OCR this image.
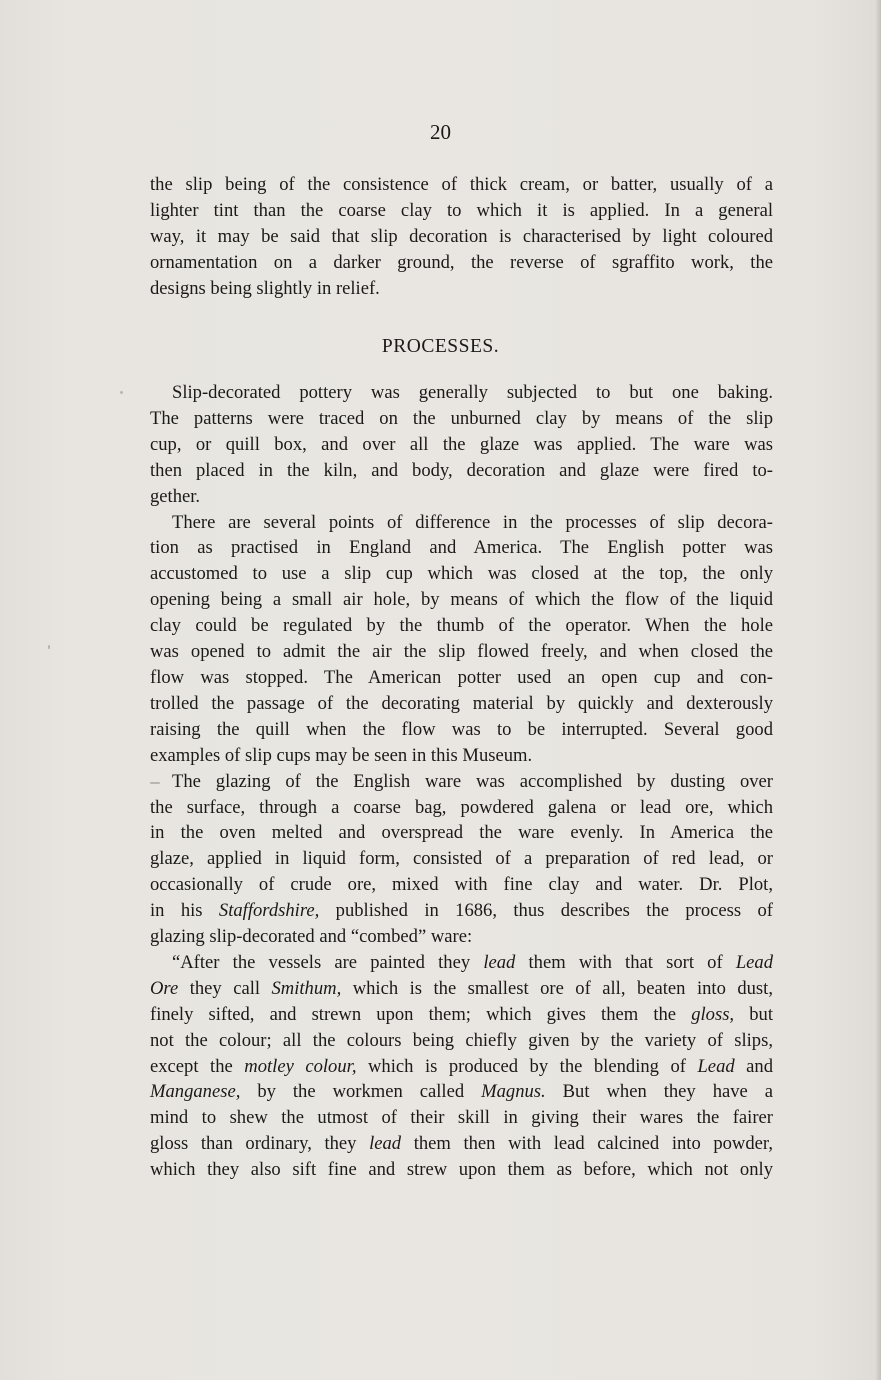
20

the slip being of the consistence of thick cream, or batter, usually of a

lighter tint than the coarse clay to which it is applied. In a general

way, it may be said that slip decoration is characterised by light coloured

ornamentation on a darker ground, the reverse of sgraffito work, the

designs being slightly in relief.

PROCESSES.

Slip-decorated pottery was generally subjected to but one baking.

The patterns were traced on the unburned clay by means of the slip

cup, or quill box, and over all the glaze was applied. The ware was

then placed in the kiln, and body, decoration and glaze were fired to-

gether.

There are several points of difference in the processes of slip decora-

tion as practised in England and America. The English potter was

accustomed to use a slip cup which was closed at the top, the only

opening being a small air hole, by means of which the flow of the liquid

clay could be regulated by the thumb of the operator. When the hole

was opened to admit the air the slip flowed freely, and when closed the

flow was stopped. The American potter used an open cup and con-

trolled the passage of the decorating material by quickly and dexterously

raising the quill when the flow was to be interrupted. Several good

examples of slip cups may be seen in this Museum.

The glazing of the English ware was accomplished by dusting over

the surface, through a coarse bag, powdered galena or lead ore, which

in the oven melted and overspread the ware evenly. In America the

glaze, applied in liquid form, consisted of a preparation of red lead, or

occasionally of crude ore, mixed with fine clay and water. Dr. Plot,

in his Staffordshire, published in 1686, thus describes the process of

glazing slip-decorated and “combed” ware:

“After the vessels are painted they lead them with that sort of Lead

Ore they call Smithum, which is the smallest ore of all, beaten into dust,

finely sifted, and strewn upon them; which gives them the gloss, but

not the colour; all the colours being chiefly given by the variety of slips,

except the motley colour, which is produced by the blending of Lead and

Manganese, by the workmen called Magnus. But when they have a

mind to shew the utmost of their skill in giving their wares the fairer

gloss than ordinary, they lead them then with lead calcined into powder,

which they also sift fine and strew upon them as before, which not only
